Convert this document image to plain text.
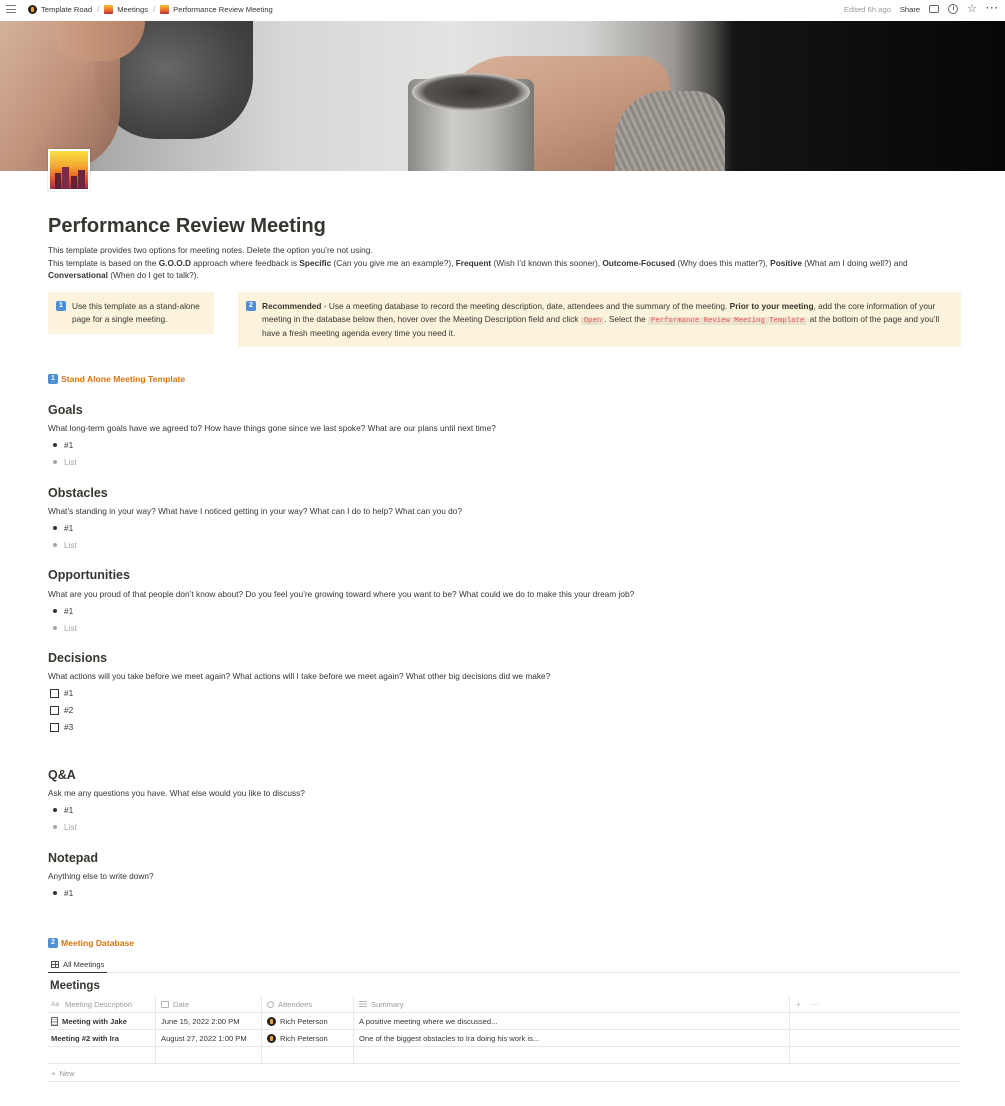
Template Road / Meetings / Performance Review Meeting	Edited 6h ago Share	☆ ···
Performance Review Meeting
This template provides two options for meeting notes. Delete the option you’re not using.
This template is based on the G.O.O.D approach where feedback is Specific (Can you give me an example?), Frequent (Wish I’d known this sooner), Outcome-Focused (Why does this matter?), Positive (What am I doing well?) and Conversational (When do I get to talk?).
1	Use this template as a stand-alone page for a single meeting.
2	Recommended - Use a meeting database to record the meeting description, date, attendees and the summary of the meeting. Prior to your meeting, add the core information of your meeting in the database below then, hover over the Meeting Description field and click Open . Select the Performance Review Meeting Template at the bottom of the page and you’ll have a fresh meeting agenda every time you need it.
1 Stand Alone Meeting Template
Goals
What long-term goals have we agreed to? How have things gone since we last spoke? What are our plans until next time?
#1
List
Obstacles
What’s standing in your way? What have I noticed getting in your way? What can I do to help? What can you do?
#1
List
Opportunities
What are you proud of that people don’t know about? Do you feel you’re growing toward where you want to be? What could we do to make this your dream job?
#1
List
Decisions
What actions will you take before we meet again? What actions will I take before we meet again? What other big decisions did we make?
#1
#2
#3
Q&A
Ask me any questions you have. What else would you like to discuss?
#1
List
Notepad
Anything else to write down?
#1
2 Meeting Database
All Meetings
Meetings
Aa Meeting Description	Date	Attendees	Summary	+ ···
Meeting with Jake	June 15, 2022 2:00 PM	Rich Peterson	A positive meeting where we discussed...
Meeting #2 with Ira	August 27, 2022 1:00 PM	Rich Peterson	One of the biggest obstacles to Ira doing his work is...
+ New
